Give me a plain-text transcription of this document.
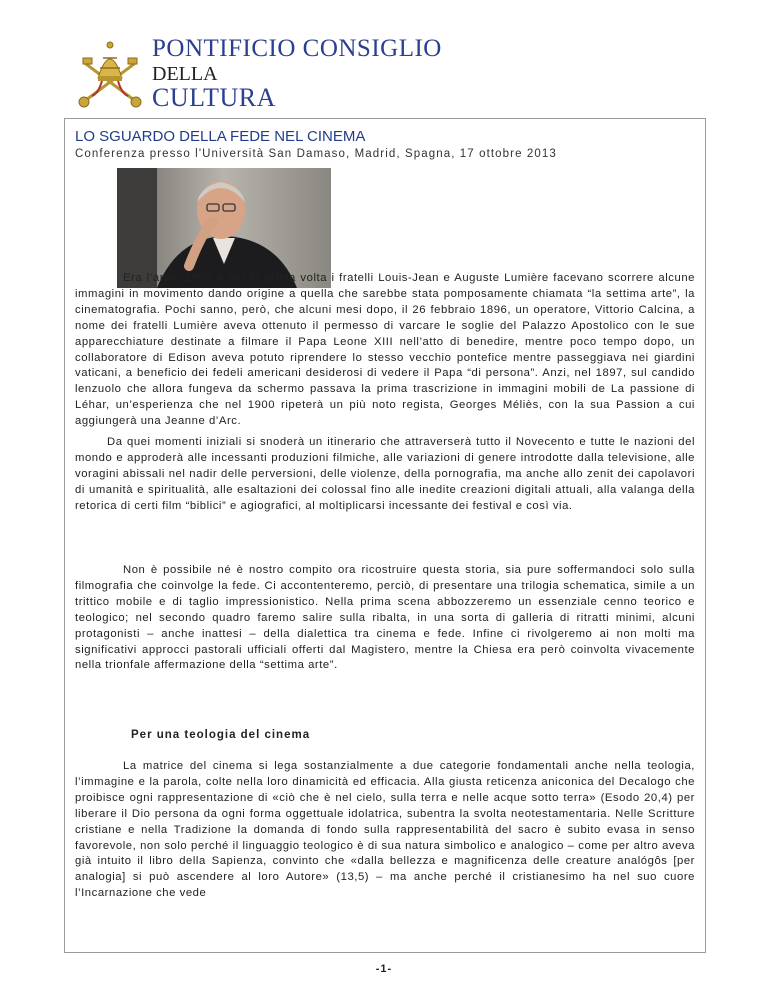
PONTIFICIO CONSIGLIO
DELLA
CULTURA
LO SGUARDO DELLA FEDE NEL CINEMA
Conferenza presso l'Università San Damaso, Madrid, Spagna, 17 ottobre 2013

Era l’anno 1895 e per la prima volta i fratelli Louis-Jean e Auguste Lumière facevano scorrere alcune immagini in movimento dando origine a quella che sarebbe stata pomposamente chiamata “la settima arte”, la cinematografia. Pochi sanno, però, che alcuni mesi dopo, il 26 febbraio 1896, un operatore, Vittorio Calcina, a nome dei fratelli Lumière aveva ottenuto il permesso di varcare le soglie del Palazzo Apostolico con le sue apparecchiature destinate a filmare il Papa Leone XIII nell’atto di benedire, mentre poco tempo dopo, un collaboratore di Edison aveva potuto riprendere lo stesso vecchio pontefice mentre passeggiava nei giardini vaticani, a beneficio dei fedeli americani desiderosi di vedere il Papa “di persona”. Anzi, nel 1897, sul candido lenzuolo che allora fungeva da schermo passava la prima trascrizione in immagini mobili de La passione di Léhar, un’esperienza che nel 1900 ripeterà un più noto regista, Georges Méliès, con la sua Passion a cui aggiungerà una Jeanne d’Arc.

Da quei momenti iniziali si snoderà un itinerario che attraverserà tutto il Novecento e tutte le nazioni del mondo e approderà alle incessanti produzioni filmiche, alle variazioni di genere introdotte dalla televisione, alle voragini abissali nel nadir delle perversioni, delle violenze, della pornografia, ma anche allo zenit dei capolavori di umanità e spiritualità, alle esaltazioni dei colossal fino alle inedite creazioni digitali attuali, alla valanga della retorica di certi film “biblici” e agiografici, al moltiplicarsi incessante dei festival e così via.

Non è possibile né è nostro compito ora ricostruire questa storia, sia pure soffermandoci solo sulla filmografia che coinvolge la fede. Ci accontenteremo, perciò, di presentare una trilogia schematica, simile a un trittico mobile e di taglio impressionistico. Nella prima scena abbozzeremo un essenziale cenno teorico e teologico; nel secondo quadro faremo salire sulla ribalta, in una sorta di galleria di ritratti minimi, alcuni protagonisti – anche inattesi – della dialettica tra cinema e fede. Infine ci rivolgeremo ai non molti ma significativi approcci pastorali ufficiali offerti dal Magistero, mentre la Chiesa era però coinvolta vivacemente nella trionfale affermazione della “settima arte”.

Per una teologia del cinema

La matrice del cinema si lega sostanzialmente a due categorie fondamentali anche nella teologia, l’immagine e la parola, colte nella loro dinamicità ed efficacia. Alla giusta reticenza aniconica del Decalogo che proibisce ogni rappresentazione di «ciò che è nel cielo, sulla terra e nelle acque sotto terra» (Esodo 20,4) per liberare il Dio persona da ogni forma oggettuale idolatrica, subentra la svolta neotestamentaria. Nelle Scritture cristiane e nella Tradizione la domanda di fondo sulla rappresentabilità del sacro è subito evasa in senso favorevole, non solo perché il linguaggio teologico è di sua natura simbolico e analogico – come per altro aveva già intuito il libro della Sapienza, convinto che «dalla bellezza e magnificenza delle creature analógôs [per analogia] si può ascendere al loro Autore» (13,5) – ma anche perché il cristianesimo ha nel suo cuore l’Incarnazione che vede

-1-
